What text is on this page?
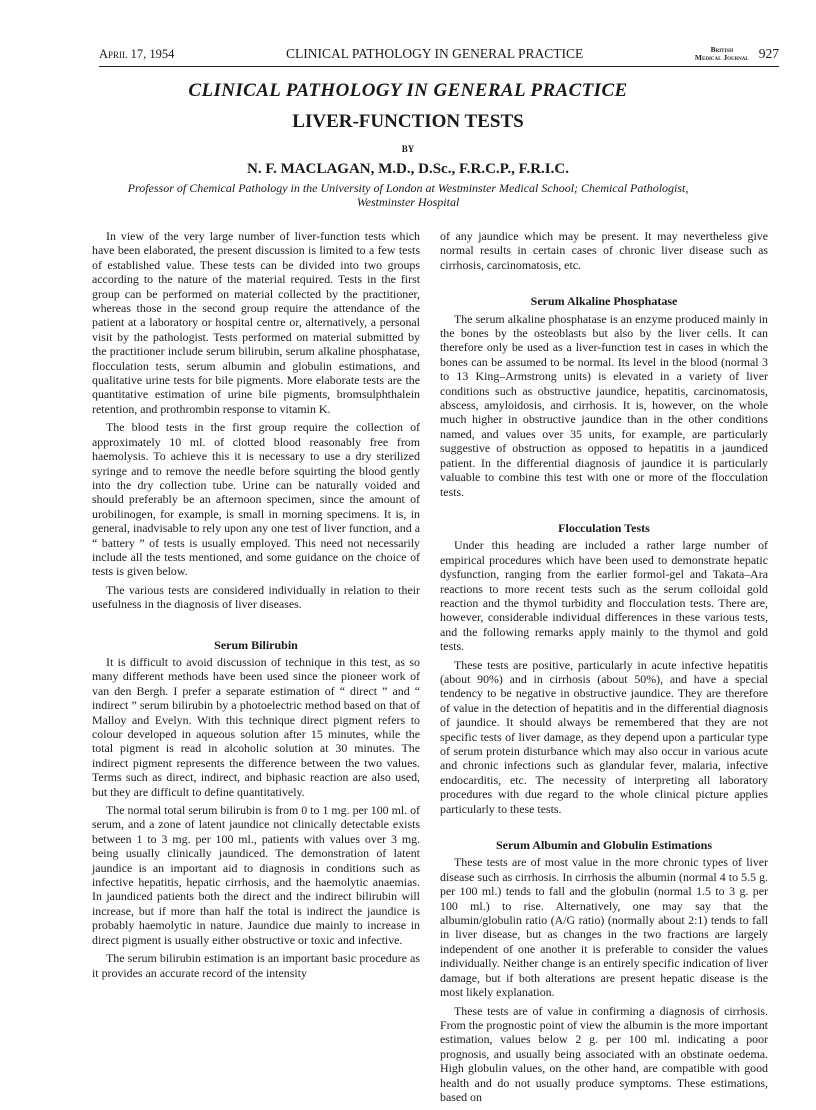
April 17, 1954	CLINICAL PATHOLOGY IN GENERAL PRACTICE	British
Medical Journal 927
CLINICAL PATHOLOGY IN GENERAL PRACTICE
LIVER-FUNCTION TESTS
BY
N. F. MACLAGAN, M.D., D.Sc., F.R.C.P., F.R.I.C.
Professor of Chemical Pathology in the University of London at Westminster Medical School; Chemical Pathologist,
Westminster Hospital

In view of the very large number of liver-function tests which have been elaborated, the present discussion is limited to a few tests of established value. These tests can be divided into two groups according to the nature of the material required. Tests in the first group can be performed on material collected by the practitioner, whereas those in the second group require the attendance of the patient at a laboratory or hospital centre or, alternatively, a personal visit by the pathologist. Tests performed on material submitted by the practitioner include serum bilirubin, serum alkaline phosphatase, flocculation tests, serum albumin and globulin estimations, and qualitative urine tests for bile pigments. More elaborate tests are the quantitative estimation of urine bile pigments, bromsulphthalein retention, and prothrombin response to vitamin K.

The blood tests in the first group require the collection of approximately 10 ml. of clotted blood reasonably free from haemolysis. To achieve this it is necessary to use a dry sterilized syringe and to remove the needle before squirting the blood gently into the dry collection tube. Urine can be naturally voided and should preferably be an afternoon specimen, since the amount of urobilinogen, for example, is small in morning specimens. It is, in general, inadvisable to rely upon any one test of liver function, and a “ battery ” of tests is usually employed. This need not necessarily include all the tests mentioned, and some guidance on the choice of tests is given below.

The various tests are considered individually in relation to their usefulness in the diagnosis of liver diseases.

Serum Bilirubin

It is difficult to avoid discussion of technique in this test, as so many different methods have been used since the pioneer work of van den Bergh. I prefer a separate estimation of “ direct ” and “ indirect ” serum bilirubin by a photoelectric method based on that of Malloy and Evelyn. With this technique direct pigment refers to colour developed in aqueous solution after 15 minutes, while the total pigment is read in alcoholic solution at 30 minutes. The indirect pigment represents the difference between the two values. Terms such as direct, indirect, and biphasic reaction are also used, but they are difficult to define quantitatively.

The normal total serum bilirubin is from 0 to 1 mg. per 100 ml. of serum, and a zone of latent jaundice not clinically detectable exists between 1 to 3 mg. per 100 ml., patients with values over 3 mg. being usually clinically jaundiced. The demonstration of latent jaundice is an important aid to diagnosis in conditions such as infective hepatitis, hepatic cirrhosis, and the haemolytic anaemias. In jaundiced patients both the direct and the indirect bilirubin will increase, but if more than half the total is indirect the jaundice is probably haemolytic in nature. Jaundice due mainly to increase in direct pigment is usually either obstructive or toxic and infective.

The serum bilirubin estimation is an important basic procedure as it provides an accurate record of the intensity

of any jaundice which may be present. It may nevertheless give normal results in certain cases of chronic liver disease such as cirrhosis, carcinomatosis, etc.

Serum Alkaline Phosphatase

The serum alkaline phosphatase is an enzyme produced mainly in the bones by the osteoblasts but also by the liver cells. It can therefore only be used as a liver-function test in cases in which the bones can be assumed to be normal. Its level in the blood (normal 3 to 13 King–Armstrong units) is elevated in a variety of liver conditions such as obstructive jaundice, hepatitis, carcinomatosis, abscess, amyloidosis, and cirrhosis. It is, however, on the whole much higher in obstructive jaundice than in the other conditions named, and values over 35 units, for example, are particularly suggestive of obstruction as opposed to hepatitis in a jaundiced patient. In the differential diagnosis of jaundice it is particularly valuable to combine this test with one or more of the flocculation tests.

Flocculation Tests

Under this heading are included a rather large number of empirical procedures which have been used to demonstrate hepatic dysfunction, ranging from the earlier formol-gel and Takata–Ara reactions to more recent tests such as the serum colloidal gold reaction and the thymol turbidity and flocculation tests. There are, however, considerable individual differences in these various tests, and the following remarks apply mainly to the thymol and gold tests.

These tests are positive, particularly in acute infective hepatitis (about 90%) and in cirrhosis (about 50%), and have a special tendency to be negative in obstructive jaundice. They are therefore of value in the detection of hepatitis and in the differential diagnosis of jaundice. It should always be remembered that they are not specific tests of liver damage, as they depend upon a particular type of serum protein disturbance which may also occur in various acute and chronic infections such as glandular fever, malaria, infective endocarditis, etc. The necessity of interpreting all laboratory procedures with due regard to the whole clinical picture applies particularly to these tests.

Serum Albumin and Globulin Estimations

These tests are of most value in the more chronic types of liver disease such as cirrhosis. In cirrhosis the albumin (normal 4 to 5.5 g. per 100 ml.) tends to fall and the globulin (normal 1.5 to 3 g. per 100 ml.) to rise. Alternatively, one may say that the albumin/globulin ratio (A/G ratio) (normally about 2:1) tends to fall in liver disease, but as changes in the two fractions are largely independent of one another it is preferable to consider the values individually. Neither change is an entirely specific indication of liver damage, but if both alterations are present hepatic disease is the most likely explanation.

These tests are of value in confirming a diagnosis of cirrhosis. From the prognostic point of view the albumin is the more important estimation, values below 2 g. per 100 ml. indicating a poor prognosis, and usually being associated with an obstinate oedema. High globulin values, on the other hand, are compatible with good health and do not usually produce symptoms. These estimations, based on
